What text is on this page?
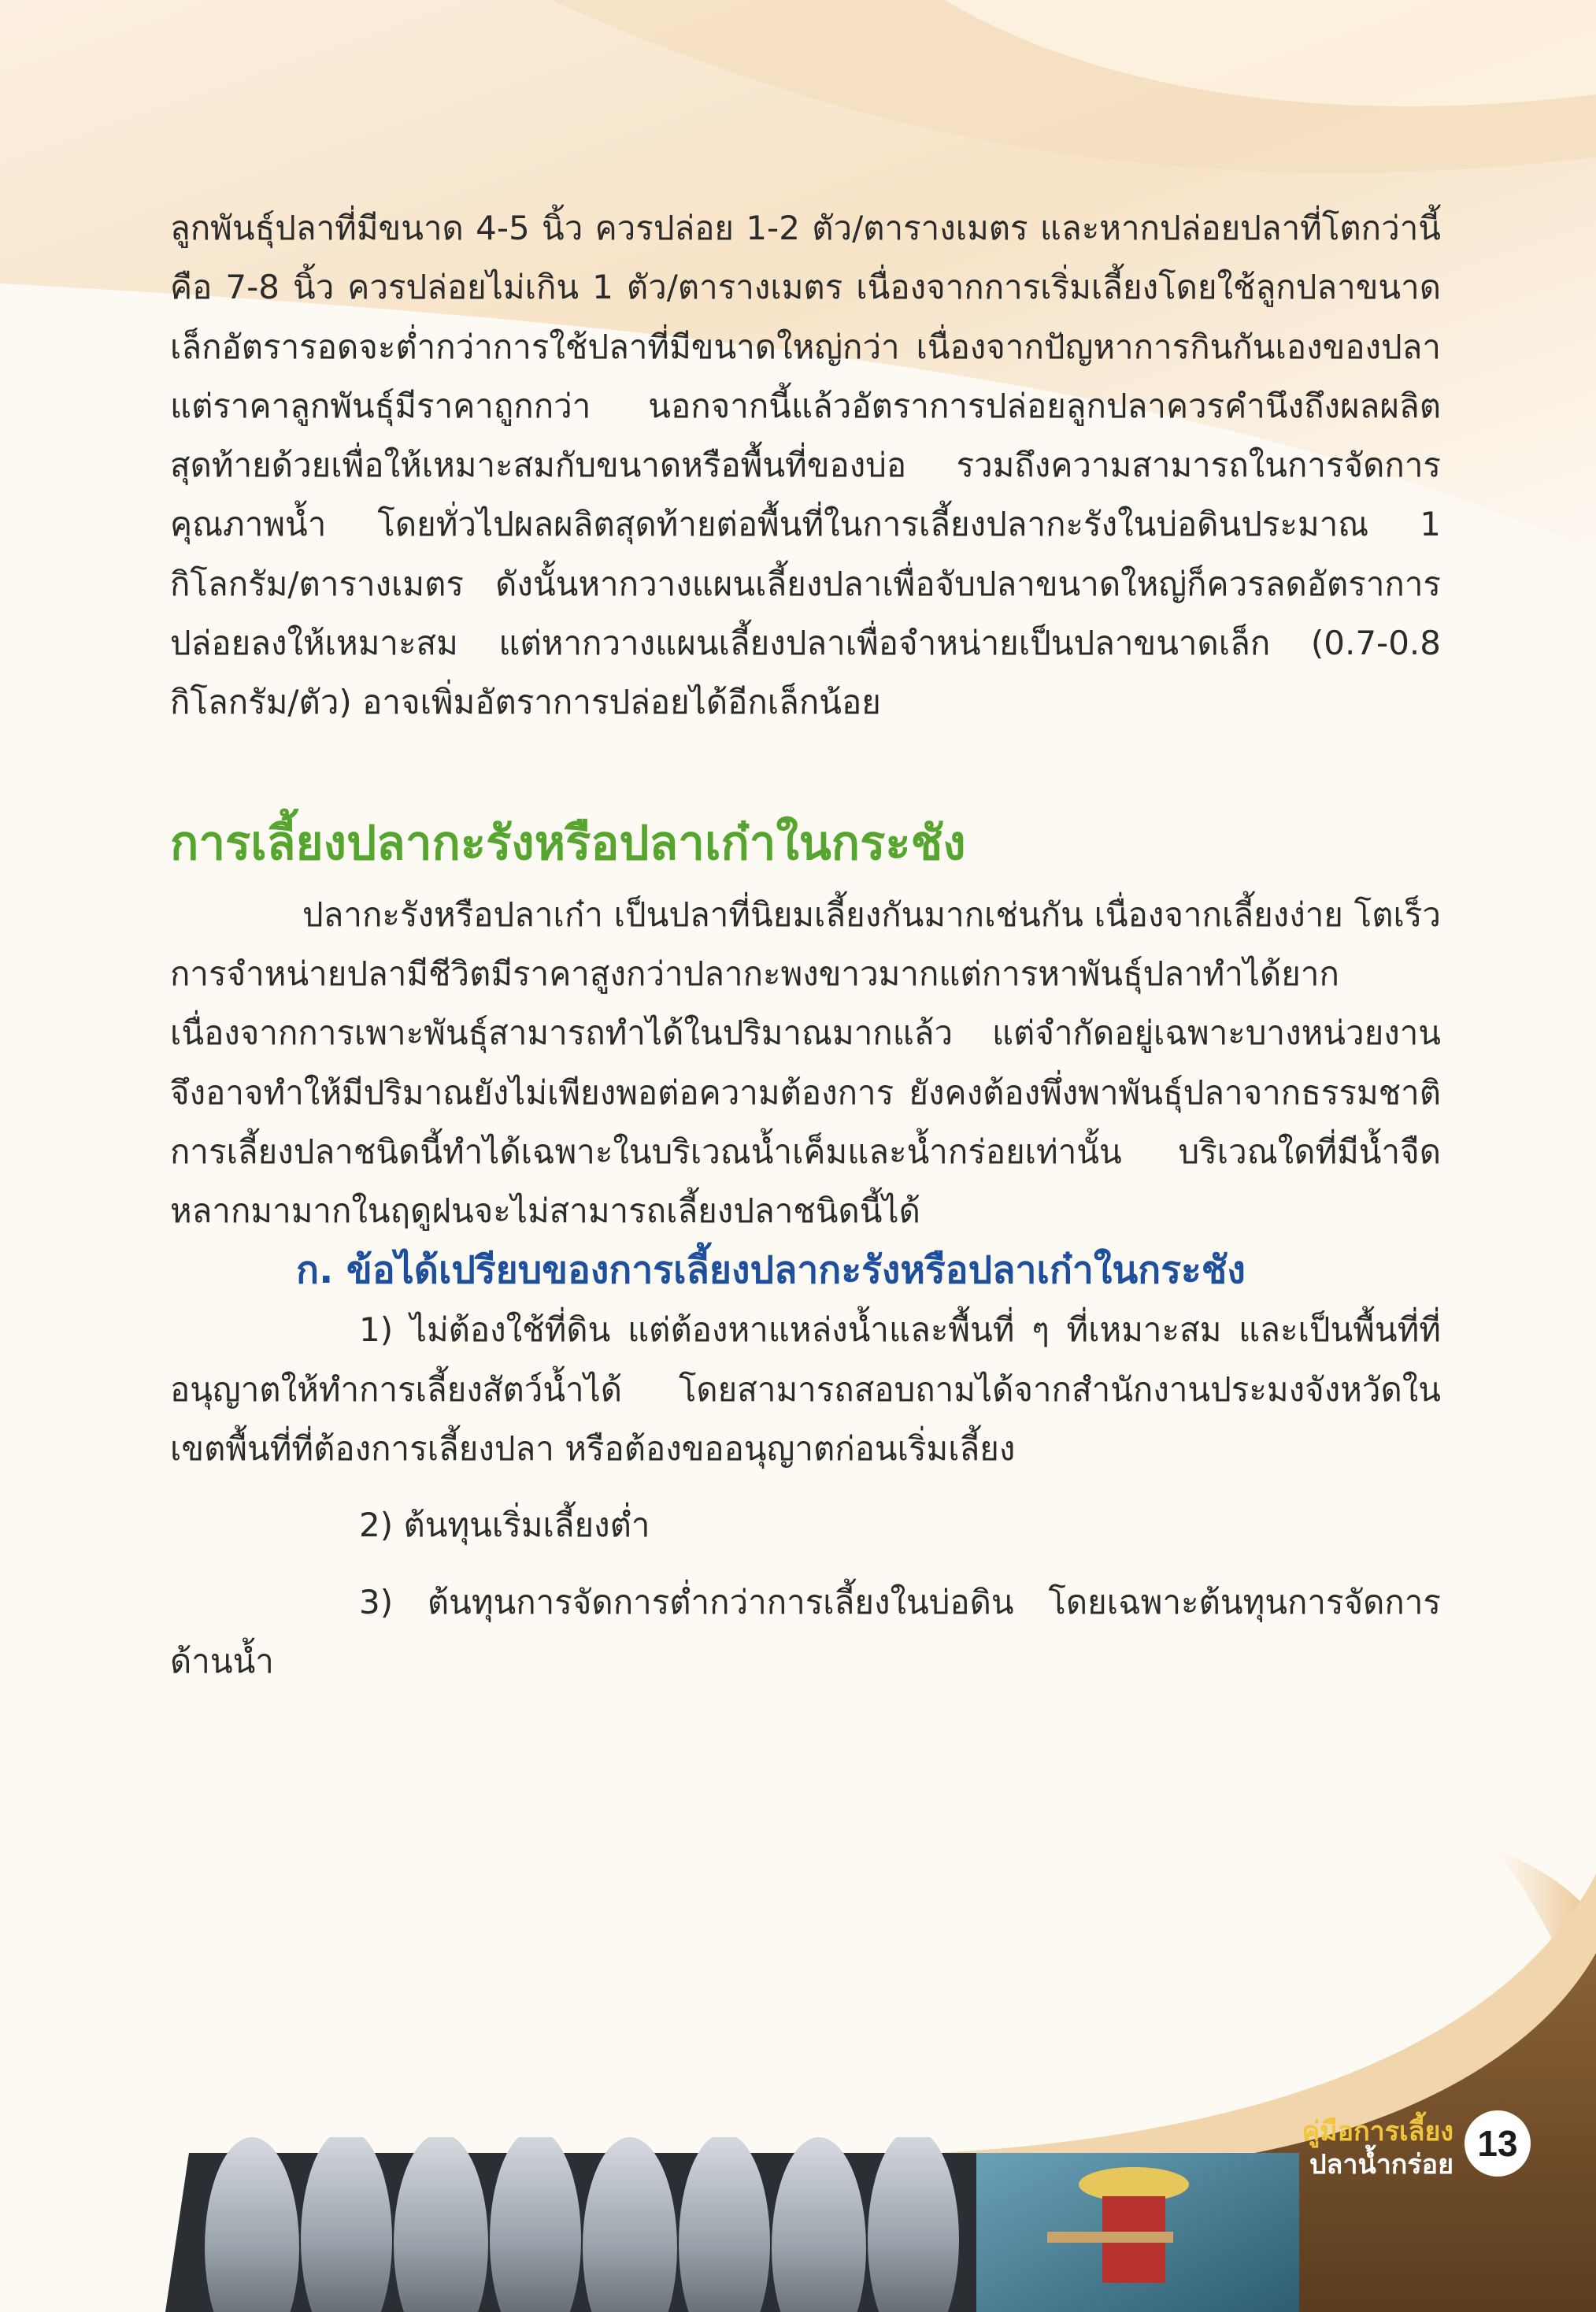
ลูกพันธุ์ปลาที่มีขนาด 4-5 นิ้ว ควรปล่อย 1-2 ตัว/ตารางเมตร และหากปล่อยปลาที่โตกว่านี้คือ 7-8 นิ้ว ควรปล่อยไม่เกิน 1 ตัว/ตารางเมตร เนื่องจากการเริ่มเลี้ยงโดยใช้ลูกปลาขนาดเล็กอัตรารอดจะต่ำกว่าการใช้ปลาที่มีขนาดใหญ่กว่า เนื่องจากปัญหาการกินกันเองของปลา แต่ราคาลูกพันธุ์มีราคาถูกกว่า นอกจากนี้แล้วอัตราการปล่อยลูกปลาควรคำนึงถึงผลผลิตสุดท้ายด้วยเพื่อให้เหมาะสมกับขนาดหรือพื้นที่ของบ่อ รวมถึงความสามารถในการจัดการคุณภาพน้ำ โดยทั่วไปผลผลิตสุดท้ายต่อพื้นที่ในการเลี้ยงปลากะรังในบ่อดินประมาณ 1 กิโลกรัม/ตารางเมตร ดังนั้นหากวางแผนเลี้ยงปลาเพื่อจับปลาขนาดใหญ่ก็ควรลดอัตราการปล่อยลงให้เหมาะสม แต่หากวางแผนเลี้ยงปลาเพื่อจำหน่ายเป็นปลาขนาดเล็ก (0.7-0.8 กิโลกรัม/ตัว) อาจเพิ่มอัตราการปล่อยได้อีกเล็กน้อย

การเลี้ยงปลากะรังหรือปลาเก๋าในกระชัง

ปลากะรังหรือปลาเก๋า เป็นปลาที่นิยมเลี้ยงกันมากเช่นกัน เนื่องจากเลี้ยงง่าย โตเร็ว การจำหน่ายปลามีชีวิตมีราคาสูงกว่าปลากะพงขาวมากแต่การหาพันธุ์ปลาทำได้ยากเนื่องจากการเพาะพันธุ์สามารถทำได้ในปริมาณมากแล้ว แต่จำกัดอยู่เฉพาะบางหน่วยงาน จึงอาจทำให้มีปริมาณยังไม่เพียงพอต่อความต้องการ ยังคงต้องพึ่งพาพันธุ์ปลาจากธรรมชาติ การเลี้ยงปลาชนิดนี้ทำได้เฉพาะในบริเวณน้ำเค็มและน้ำกร่อยเท่านั้น บริเวณใดที่มีน้ำจืดหลากมามากในฤดูฝนจะไม่สามารถเลี้ยงปลาชนิดนี้ได้

ก. ข้อได้เปรียบของการเลี้ยงปลากะรังหรือปลาเก๋าในกระชัง

1) ไม่ต้องใช้ที่ดิน แต่ต้องหาแหล่งน้ำและพื้นที่ ๆ ที่เหมาะสม และเป็นพื้นที่ที่อนุญาตให้ทำการเลี้ยงสัตว์น้ำได้ โดยสามารถสอบถามได้จากสำนักงานประมงจังหวัดในเขตพื้นที่ที่ต้องการเลี้ยงปลา หรือต้องขออนุญาตก่อนเริ่มเลี้ยง

2) ต้นทุนเริ่มเลี้ยงต่ำ

3) ต้นทุนการจัดการต่ำกว่าการเลี้ยงในบ่อดิน โดยเฉพาะต้นทุนการจัดการด้านน้ำ

คู่มือการเลี้ยง
ปลาน้ำกร่อย
13
